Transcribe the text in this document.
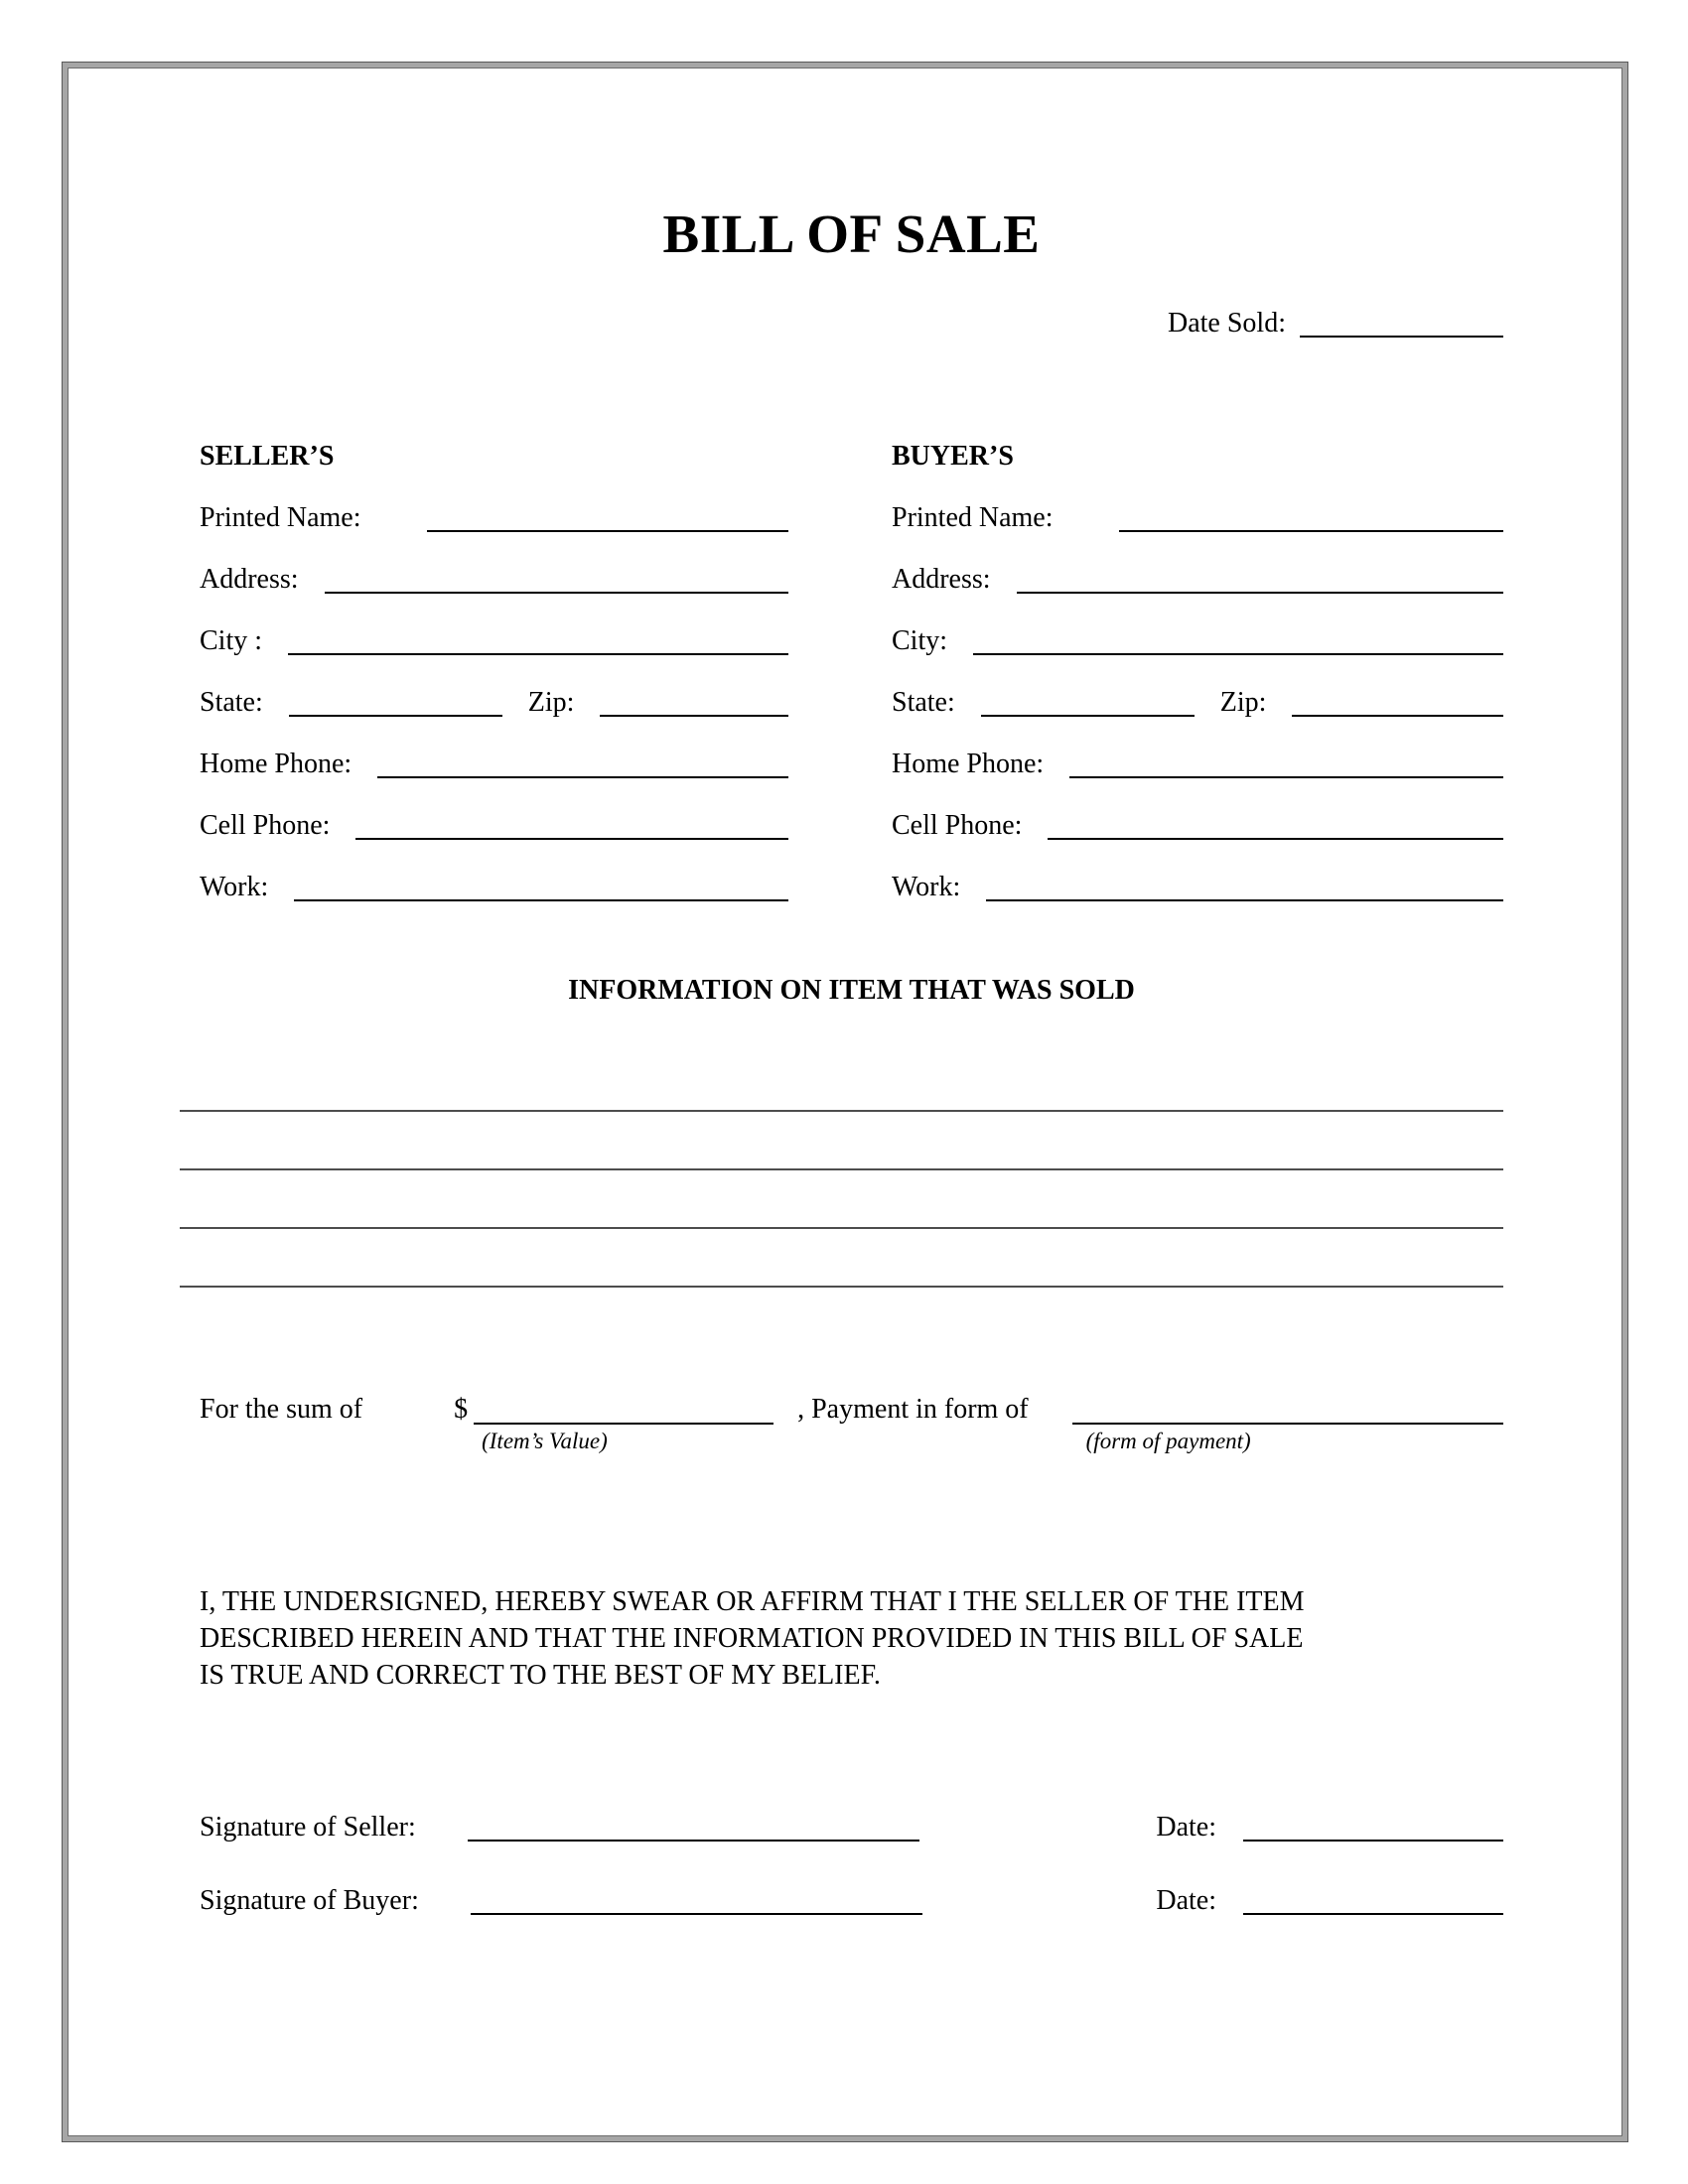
BILL OF SALE
Date Sold:
SELLER’S
Printed Name:
Address:
City :
State:	Zip:
Home Phone:
Cell Phone:
Work:
BUYER’S
Printed Name:
Address:
City:
State:	Zip:
Home Phone:
Cell Phone:
Work:
INFORMATION ON ITEM THAT WAS SOLD
For the sum of	$
(Item’s Value)
, Payment in form of
(form of payment)
I, THE UNDERSIGNED, HEREBY SWEAR OR AFFIRM THAT I THE SELLER OF THE ITEM
DESCRIBED HEREIN AND THAT THE INFORMATION PROVIDED IN THIS BILL OF SALE
IS TRUE AND CORRECT TO THE BEST OF MY BELIEF.
Signature of Seller:	Date:
Signature of Buyer:	Date:
